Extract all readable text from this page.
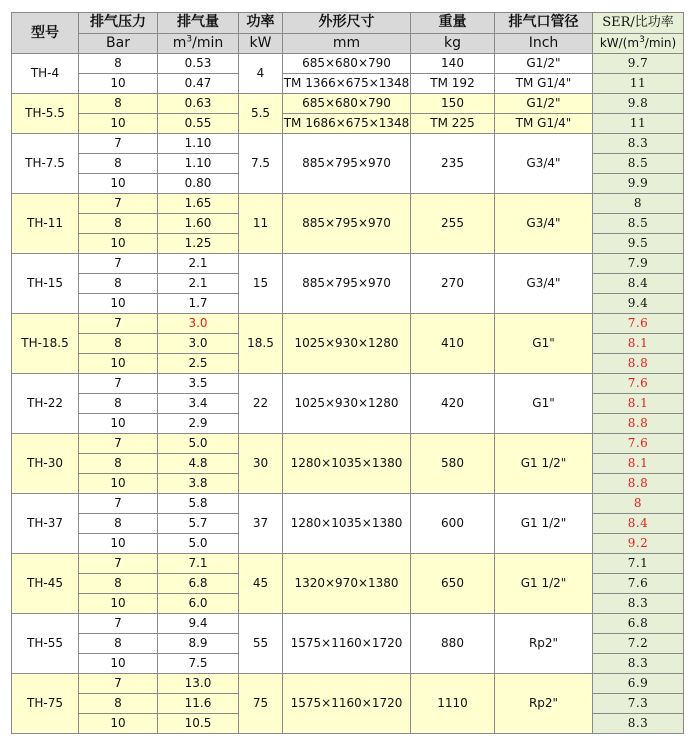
型号	排气压力	排气量	功率	外形尺寸	重量	排气口管径	SER/比功率
	Bar	$m^3/\min$	kW	mm	kg	Inch	$kW/(m^3/\min)$
TH-4	8	0.53	4	685×680×790	140	G1/2"	9.7
	10	0.47		TM 1366×675×1348	TM 192	TM G1/4"	11
TH-5.5	8	0.63	5.5	685×680×790	150	G1/2"	9.8
	10	0.55		TM 1686×675×1348	TM 225	TM G1/4"	11
TH-7.5	7	1.10	7.5	885×795×970	235	G3/4"	8.3
	8	1.10					8.5
	10	0.80					9.9
TH-11	7	1.65	11	885×795×970	255	G3/4"	8
	8	1.60					8.5
	10	1.25					9.5
TH-15	7	2.1	15	885×795×970	270	G3/4"	7.9
	8	2.1					8.4
	10	1.7					9.4
TH-18.5	7	3.0	18.5	1025×930×1280	410	G1"	7.6
	8	3.0					8.1
	10	2.5					8.8
TH-22	7	3.5	22	1025×930×1280	420	G1"	7.6
	8	3.4					8.1
	10	2.9					8.8
TH-30	7	5.0	30	1280×1035×1380	580	G1 1/2"	7.6
	8	4.8					8.1
	10	3.8					8.8
TH-37	7	5.8	37	1280×1035×1380	600	G1 1/2"	8
	8	5.7					8.4
	10	5.0					9.2
TH-45	7	7.1	45	1320×970×1380	650	G1 1/2"	7.1
	8	6.8					7.6
	10	6.0					8.3
TH-55	7	9.4	55	1575×1160×1720	880	Rp2"	6.8
	8	8.9					7.2
	10	7.5					8.3
TH-75	7	13.0	75	1575×1160×1720	1110	Rp2"	6.9
	8	11.6					7.3
	10	10.5					8.3
